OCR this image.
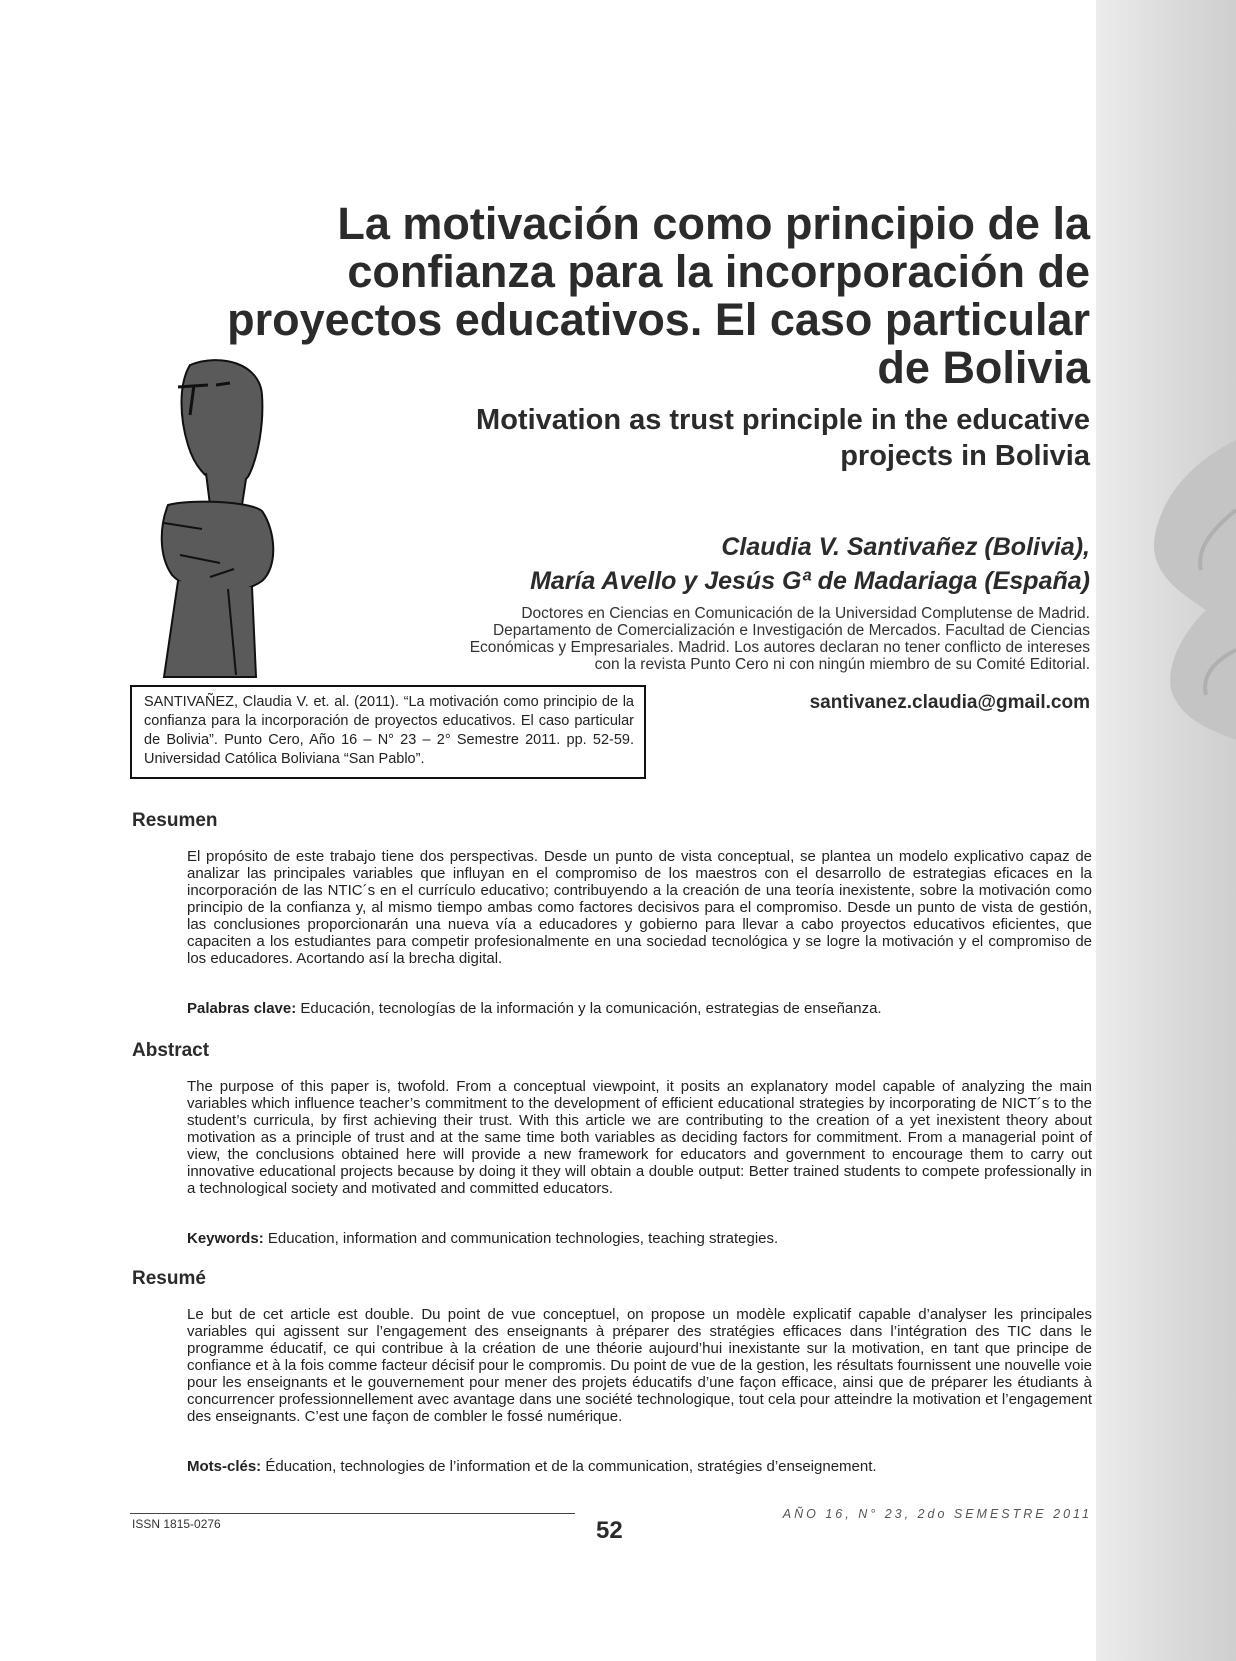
La motivación como principio de la
confianza para la incorporación de
proyectos educativos. El caso particular
de Bolivia
Motivation as trust principle in the educative
projects in Bolivia
Claudia V. Santivañez (Bolivia),
María Avello y Jesús Gª de Madariaga (España)
Doctores en Ciencias en Comunicación de la Universidad Complutense de Madrid.
Departamento de Comercialización e Investigación de Mercados. Facultad de Ciencias
Económicas y Empresariales. Madrid. Los autores declaran no tener conflicto de intereses
con la revista Punto Cero ni con ningún miembro de su Comité Editorial.
santivanez.claudia@gmail.com
SANTIVAÑEZ, Claudia V. et. al. (2011). “La motivación como principio de la confianza para la incorporación de proyectos educativos. El caso particular de Bolivia”. Punto Cero, Año 16 – N° 23 – 2° Semestre 2011. pp. 52-59. Universidad Católica Boliviana “San Pablo”.
Resumen
El propósito de este trabajo tiene dos perspectivas. Desde un punto de vista conceptual, se plantea un modelo explicativo capaz de analizar las principales variables que influyan en el compromiso de los maestros con el desarrollo de estrategias eficaces en la incorporación de las NTIC´s en el currículo educativo; contribuyendo a la creación de una teoría inexistente, sobre la motivación como principio de la confianza y, al mismo tiempo ambas como factores decisivos para el compromiso. Desde un punto de vista de gestión, las conclusiones proporcionarán una nueva vía a educadores y gobierno para llevar a cabo proyectos educativos eficientes, que capaciten a los estudiantes para competir profesionalmente en una sociedad tecnológica y se logre la motivación y el compromiso de los educadores. Acortando así la brecha digital.
Palabras clave: Educación, tecnologías de la información y la comunicación, estrategias de enseñanza.
Abstract
The purpose of this paper is, twofold. From a conceptual viewpoint, it posits an explanatory model capable of analyzing the main variables which influence teacher’s commitment to the development of efficient educational strategies by incorporating de NICT´s to the student’s curricula, by first achieving their trust. With this article we are contributing to the creation of a yet inexistent theory about motivation as a principle of trust and at the same time both variables as deciding factors for commitment. From a managerial point of view, the conclusions obtained here will provide a new framework for educators and government to encourage them to carry out innovative educational projects because by doing it they will obtain a double output: Better trained students to compete professionally in a technological society and motivated and committed educators.
Keywords: Education, information and communication technologies, teaching strategies.
Resumé
Le but de cet article est double. Du point de vue conceptuel, on propose un modèle explicatif capable d’analyser les principales variables qui agissent sur l’engagement des enseignants à préparer des stratégies efficaces dans l’intégration des TIC dans le programme éducatif, ce qui contribue à la création de une théorie aujourd’hui inexistante sur la motivation, en tant que principe de confiance et à la fois comme facteur décisif pour le compromis. Du point de vue de la gestion, les résultats fournissent une nouvelle voie pour les enseignants et le gouvernement pour mener des projets éducatifs d’une façon efficace, ainsi que de préparer les étudiants à concurrencer professionnellement avec avantage dans une société technologique, tout cela pour atteindre la motivation et l’engagement des enseignants. C’est une façon de combler le fossé numérique.
Mots-clés: Éducation, technologies de l’information et de la communication, stratégies d’enseignement.
ISSN 1815-0276	52
AÑO 16, N° 23, 2do SEMESTRE 2011
